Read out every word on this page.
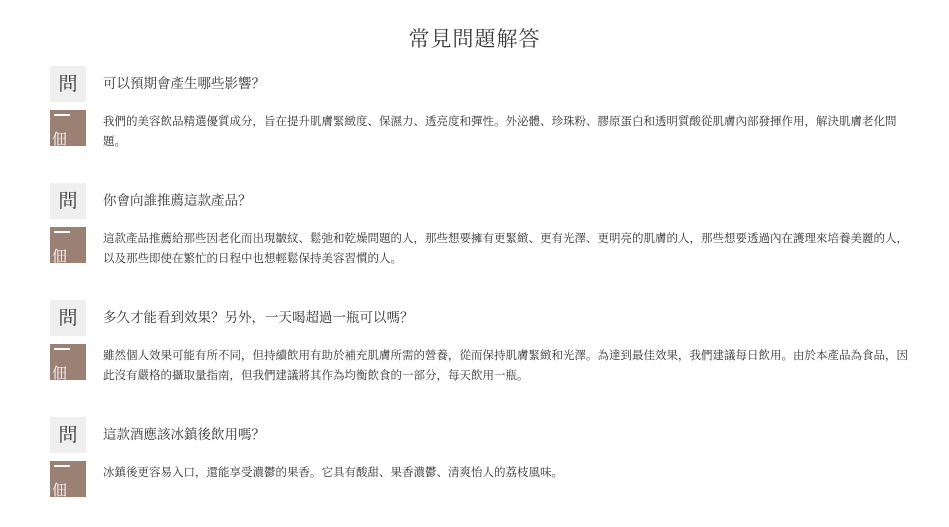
常見問題解答
問	可以預期會產生哪些影響？
佃
我們的美容飲品精選優質成分，旨在提升肌膚緊緻度、保濕力、透亮度和彈性。外泌體、珍珠粉、膠原蛋白和透明質酸從肌膚內部發揮作用，解決肌膚老化問題。
問	你會向誰推薦這款產品？
佃
這款產品推薦給那些因老化而出現皺紋、鬆弛和乾燥問題的人，那些想要擁有更緊緻、更有光澤、更明亮的肌膚的人，那些想要透過內在護理來培養美麗的人，以及那些即使在繁忙的日程中也想輕鬆保持美容習慣的人。
問	多久才能看到效果？另外，一天喝超過一瓶可以嗎？
佃
雖然個人效果可能有所不同，但持續飲用有助於補充肌膚所需的營養，從而保持肌膚緊緻和光澤。為達到最佳效果，我們建議每日飲用。由於本產品為食品，因此沒有嚴格的攝取量指南，但我們建議將其作為均衡飲食的一部分，每天飲用一瓶。
問	這款酒應該冰鎮後飲用嗎？
佃
冰鎮後更容易入口，還能享受濃鬱的果香。它具有酸甜、果香濃鬱、清爽怡人的荔枝風味。
